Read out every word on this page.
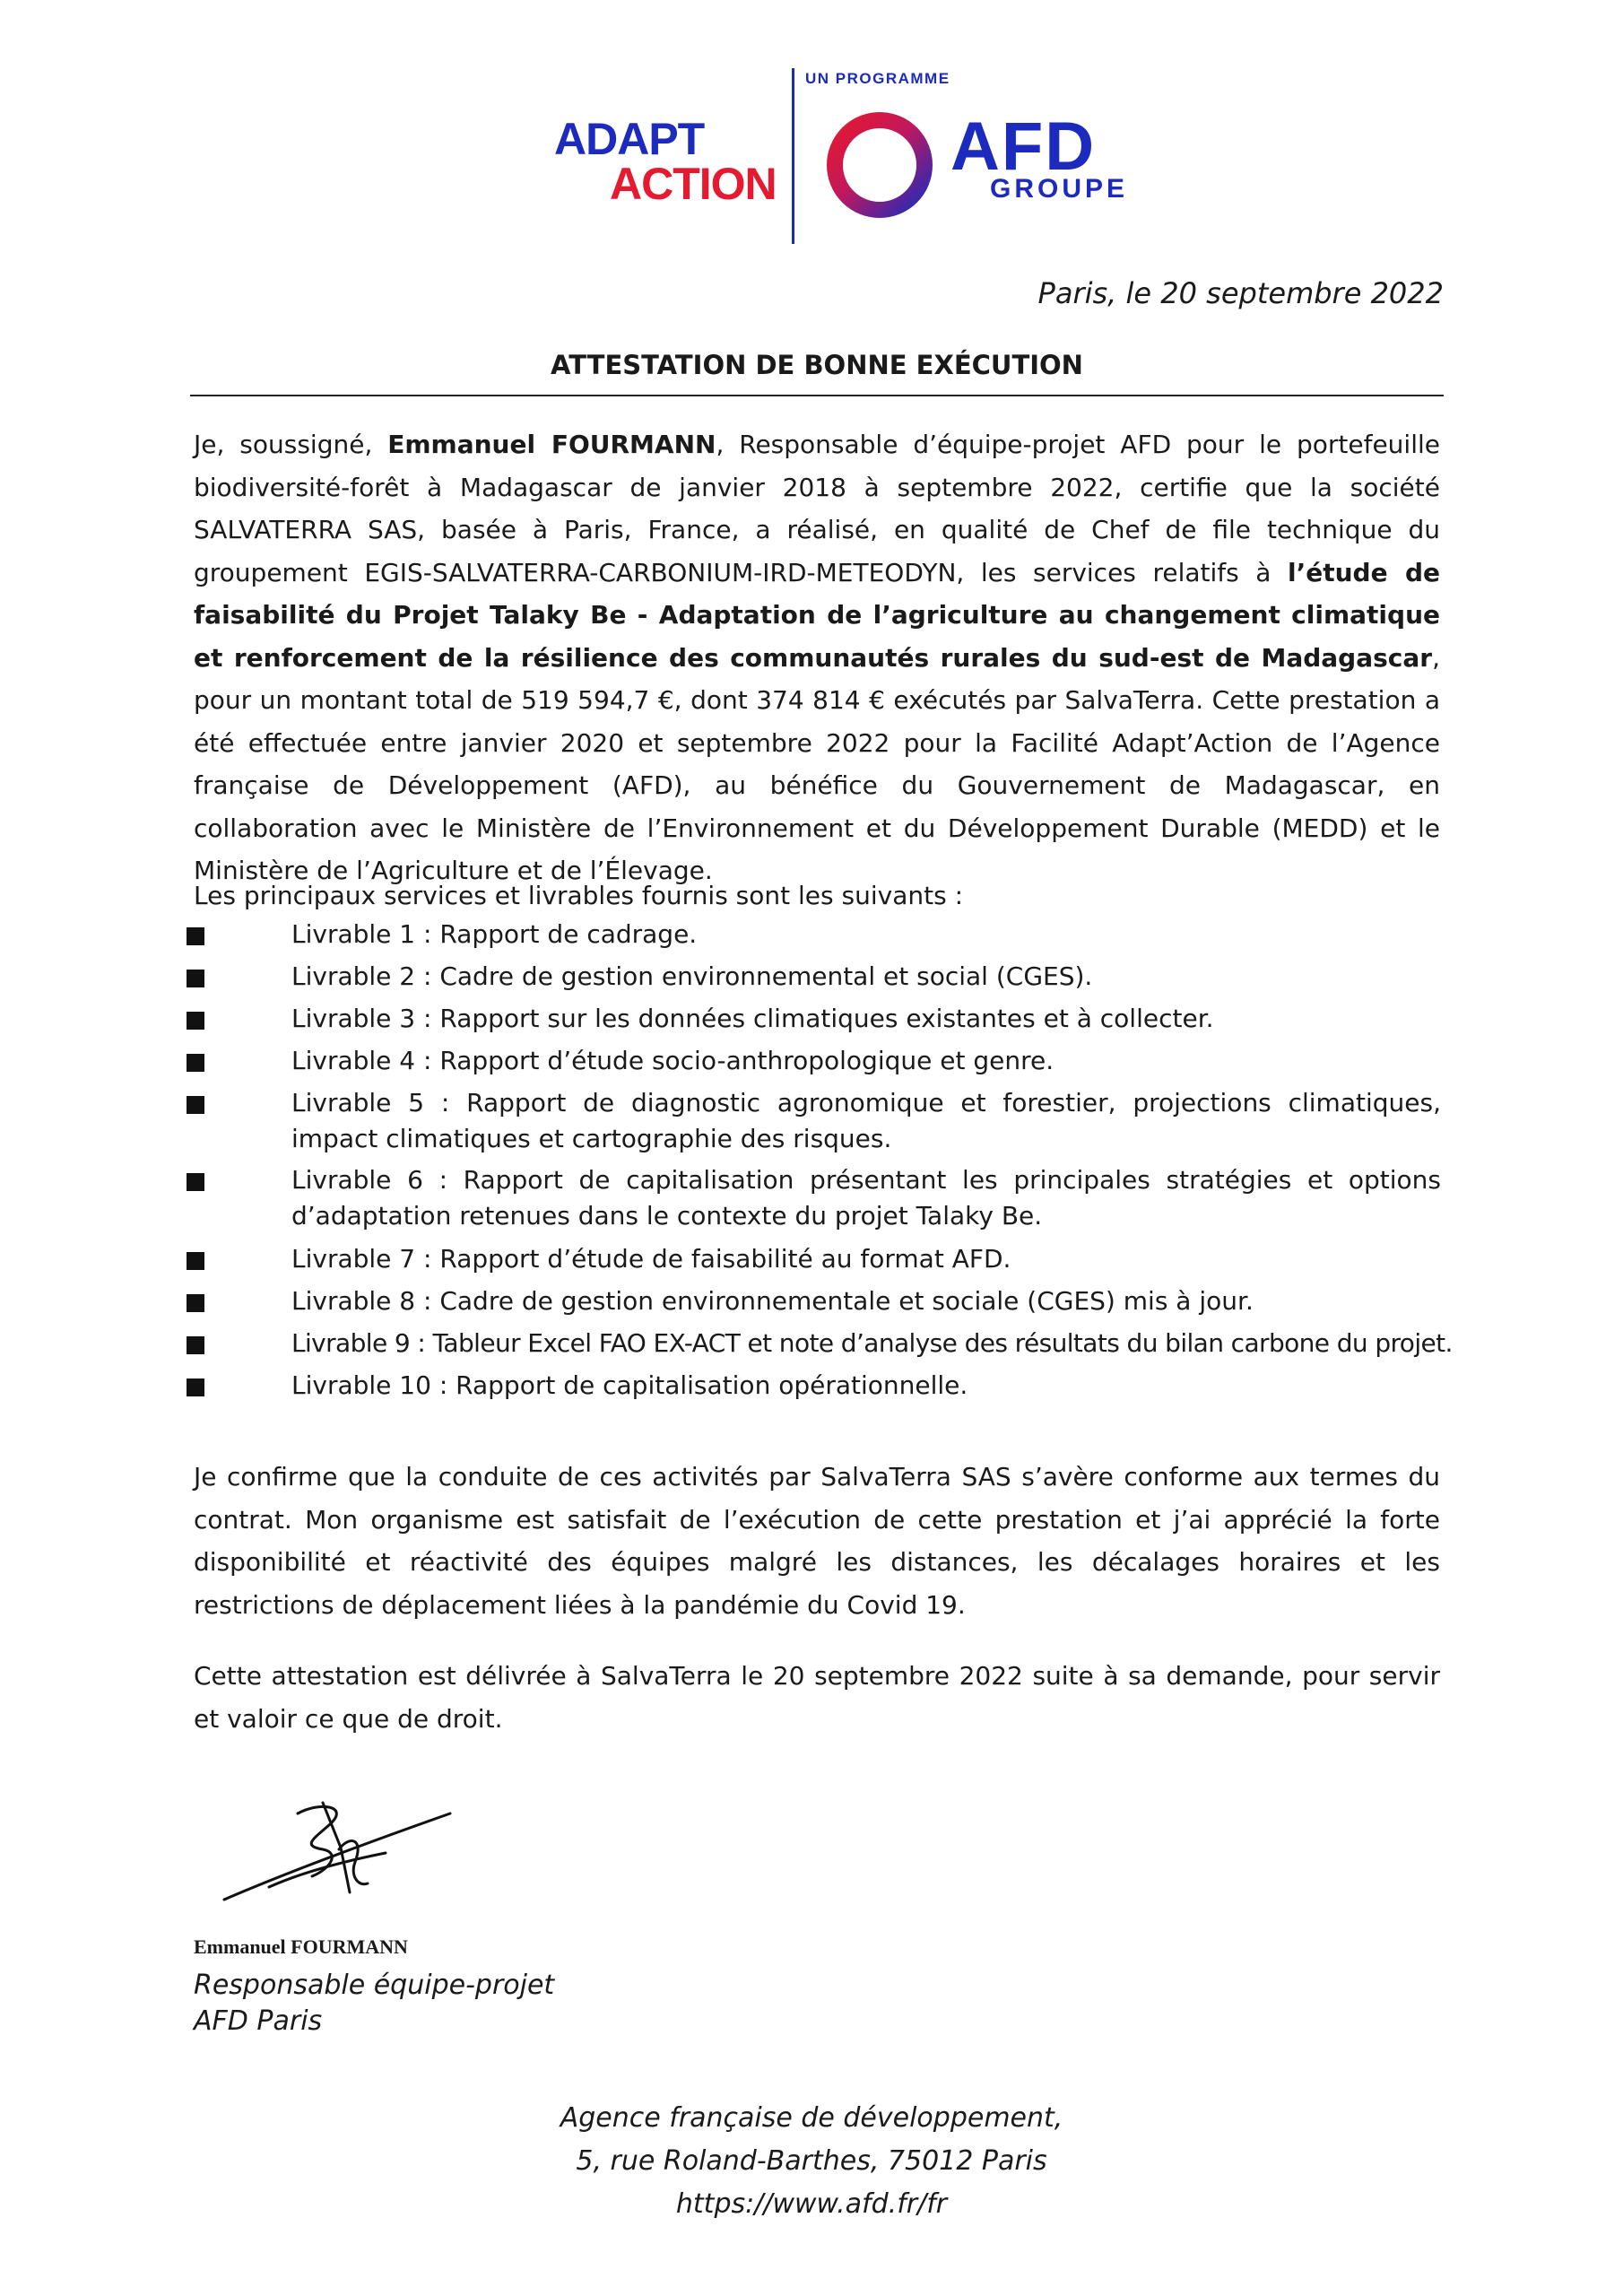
ADAPT
ACTION
UN PROGRAMME
AFD
GROUPE
Paris, le 20 septembre 2022
ATTESTATION DE BONNE EXÉCUTION
Je, soussigné, Emmanuel FOURMANN, Responsable d’équipe-projet AFD pour le portefeuille biodiversité-forêt à Madagascar de janvier 2018 à septembre 2022, certifie que la société SALVATERRA SAS, basée à Paris, France, a réalisé, en qualité de Chef de file technique du groupement EGIS-SALVATERRA-CARBONIUM-IRD-METEODYN, les services relatifs à l’étude de faisabilité du Projet Talaky Be - Adaptation de l’agriculture au changement climatique et renforcement de la résilience des communautés rurales du sud-est de Madagascar, pour un montant total de 519 594,7 €, dont 374 814 € exécutés par SalvaTerra. Cette prestation a été effectuée entre janvier 2020 et septembre 2022 pour la Facilité Adapt’Action de l’Agence française de Développement (AFD), au bénéfice du Gouvernement de Madagascar, en collaboration avec le Ministère de l’Environnement et du Développement Durable (MEDD) et le Ministère de l’Agriculture et de l’Élevage.
Les principaux services et livrables fournis sont les suivants :
Livrable 1 : Rapport de cadrage.
Livrable 2 : Cadre de gestion environnemental et social (CGES).
Livrable 3 : Rapport sur les données climatiques existantes et à collecter.
Livrable 4 : Rapport d’étude socio-anthropologique et genre.
Livrable 5 : Rapport de diagnostic agronomique et forestier, projections climatiques, impact climatiques et cartographie des risques.
Livrable 6 : Rapport de capitalisation présentant les principales stratégies et options d’adaptation retenues dans le contexte du projet Talaky Be.
Livrable 7 : Rapport d’étude de faisabilité au format AFD.
Livrable 8 : Cadre de gestion environnementale et sociale (CGES) mis à jour.
Livrable 9 : Tableur Excel FAO EX-ACT et note d’analyse des résultats du bilan carbone du projet.
Livrable 10 : Rapport de capitalisation opérationnelle.
Je confirme que la conduite de ces activités par SalvaTerra SAS s’avère conforme aux termes du contrat. Mon organisme est satisfait de l’exécution de cette prestation et j’ai apprécié la forte disponibilité et réactivité des équipes malgré les distances, les décalages horaires et les restrictions de déplacement liées à la pandémie du Covid 19.
Cette attestation est délivrée à SalvaTerra le 20 septembre 2022 suite à sa demande, pour servir et valoir ce que de droit.
Emmanuel FOURMANN
Responsable équipe-projet
AFD Paris
Agence française de développement,
5, rue Roland-Barthes, 75012 Paris
https://www.afd.fr/fr
